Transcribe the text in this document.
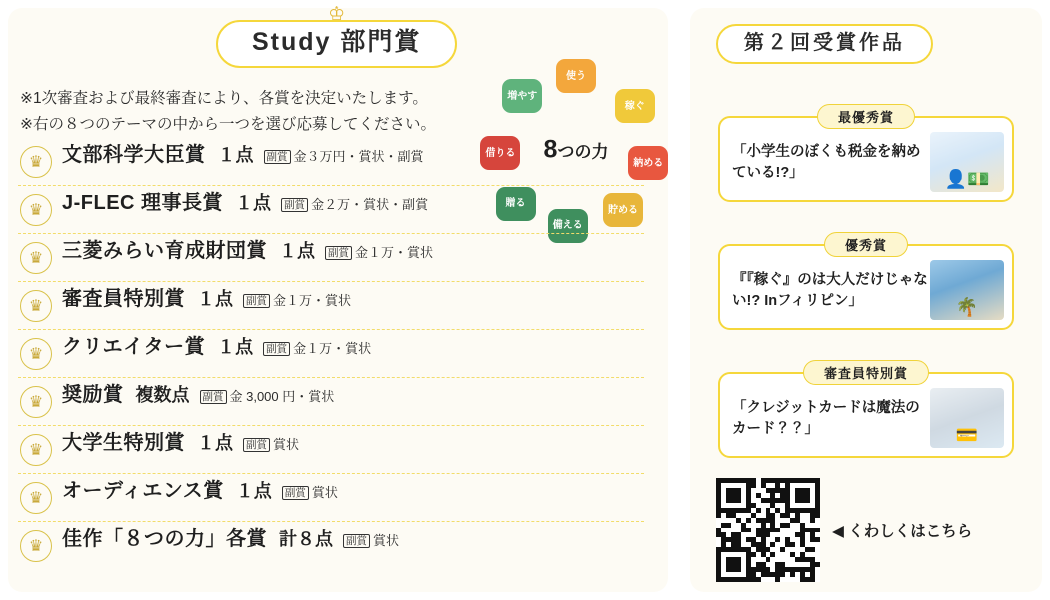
♔
Study 部門賞
※1次審査および最終審査により、各賞を決定いたします。
※右の８つのテーマの中から一つを選び応募してください。
8つの力
使う
稼ぐ
納める
貯める
備える
贈る
借りる
増やす
♛ 文部科学大臣賞 １点 副賞 金３万円・賞状・副賞
♛ J-FLEC 理事長賞 １点 副賞 金２万・賞状・副賞
♛ 三菱みらい育成財団賞 １点 副賞 金１万・賞状
♛ 審査員特別賞 １点 副賞 金１万・賞状
♛ クリエイター賞 １点 副賞 金１万・賞状
♛ 奨励賞 複数点 副賞 金 3,000 円・賞状
♛ 大学生特別賞 １点 副賞 賞状
♛ オーディエンス賞 １点 副賞 賞状
♛ 佳作「８つの力」各賞 計８点 副賞 賞状
第２回受賞作品
最優秀賞
「小学生のぼくも税金を納めている!?」	👤💵
優秀賞
『『稼ぐ』のは大人だけじゃない!? Inフィリピン」	🌴
審査員特別賞
「クレジットカードは魔法のカード？？」	💳
◀ くわしくはこちら
